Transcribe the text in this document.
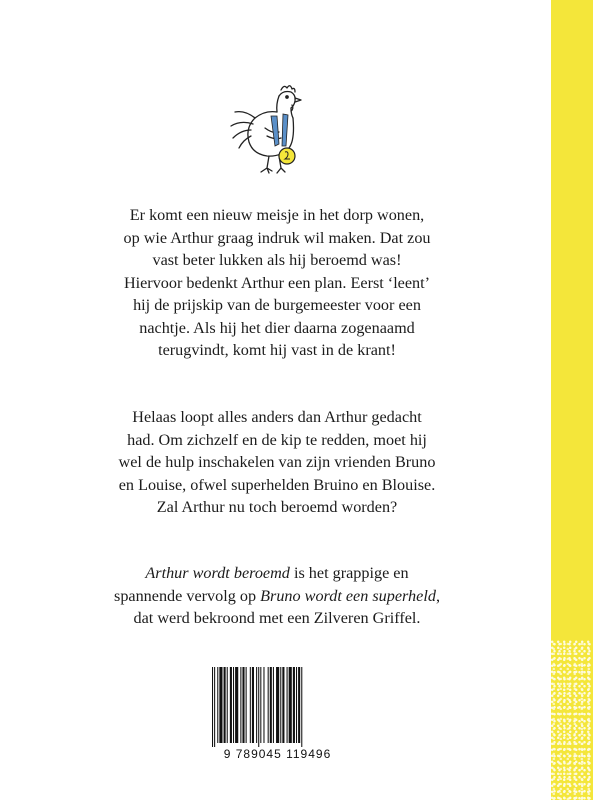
Er komt een nieuw meisje in het dorp wonen,

op wie Arthur graag indruk wil maken. Dat zou

vast beter lukken als hij beroemd was!

Hiervoor bedenkt Arthur een plan. Eerst ‘leent’

hij de prijskip van de burgemeester voor een

nachtje. Als hij het dier daarna zogenaamd

terugvindt, komt hij vast in de krant!

Helaas loopt alles anders dan Arthur gedacht

had. Om zichzelf en de kip te redden, moet hij

wel de hulp inschakelen van zijn vrienden Bruno

en Louise, ofwel superhelden Bruino en Blouise.

Zal Arthur nu toch beroemd worden?

Arthur wordt beroemd is het grappige en

spannende vervolg op Bruno wordt een superheld,

dat werd bekroond met een Zilveren Griffel.

9 789045 119496
